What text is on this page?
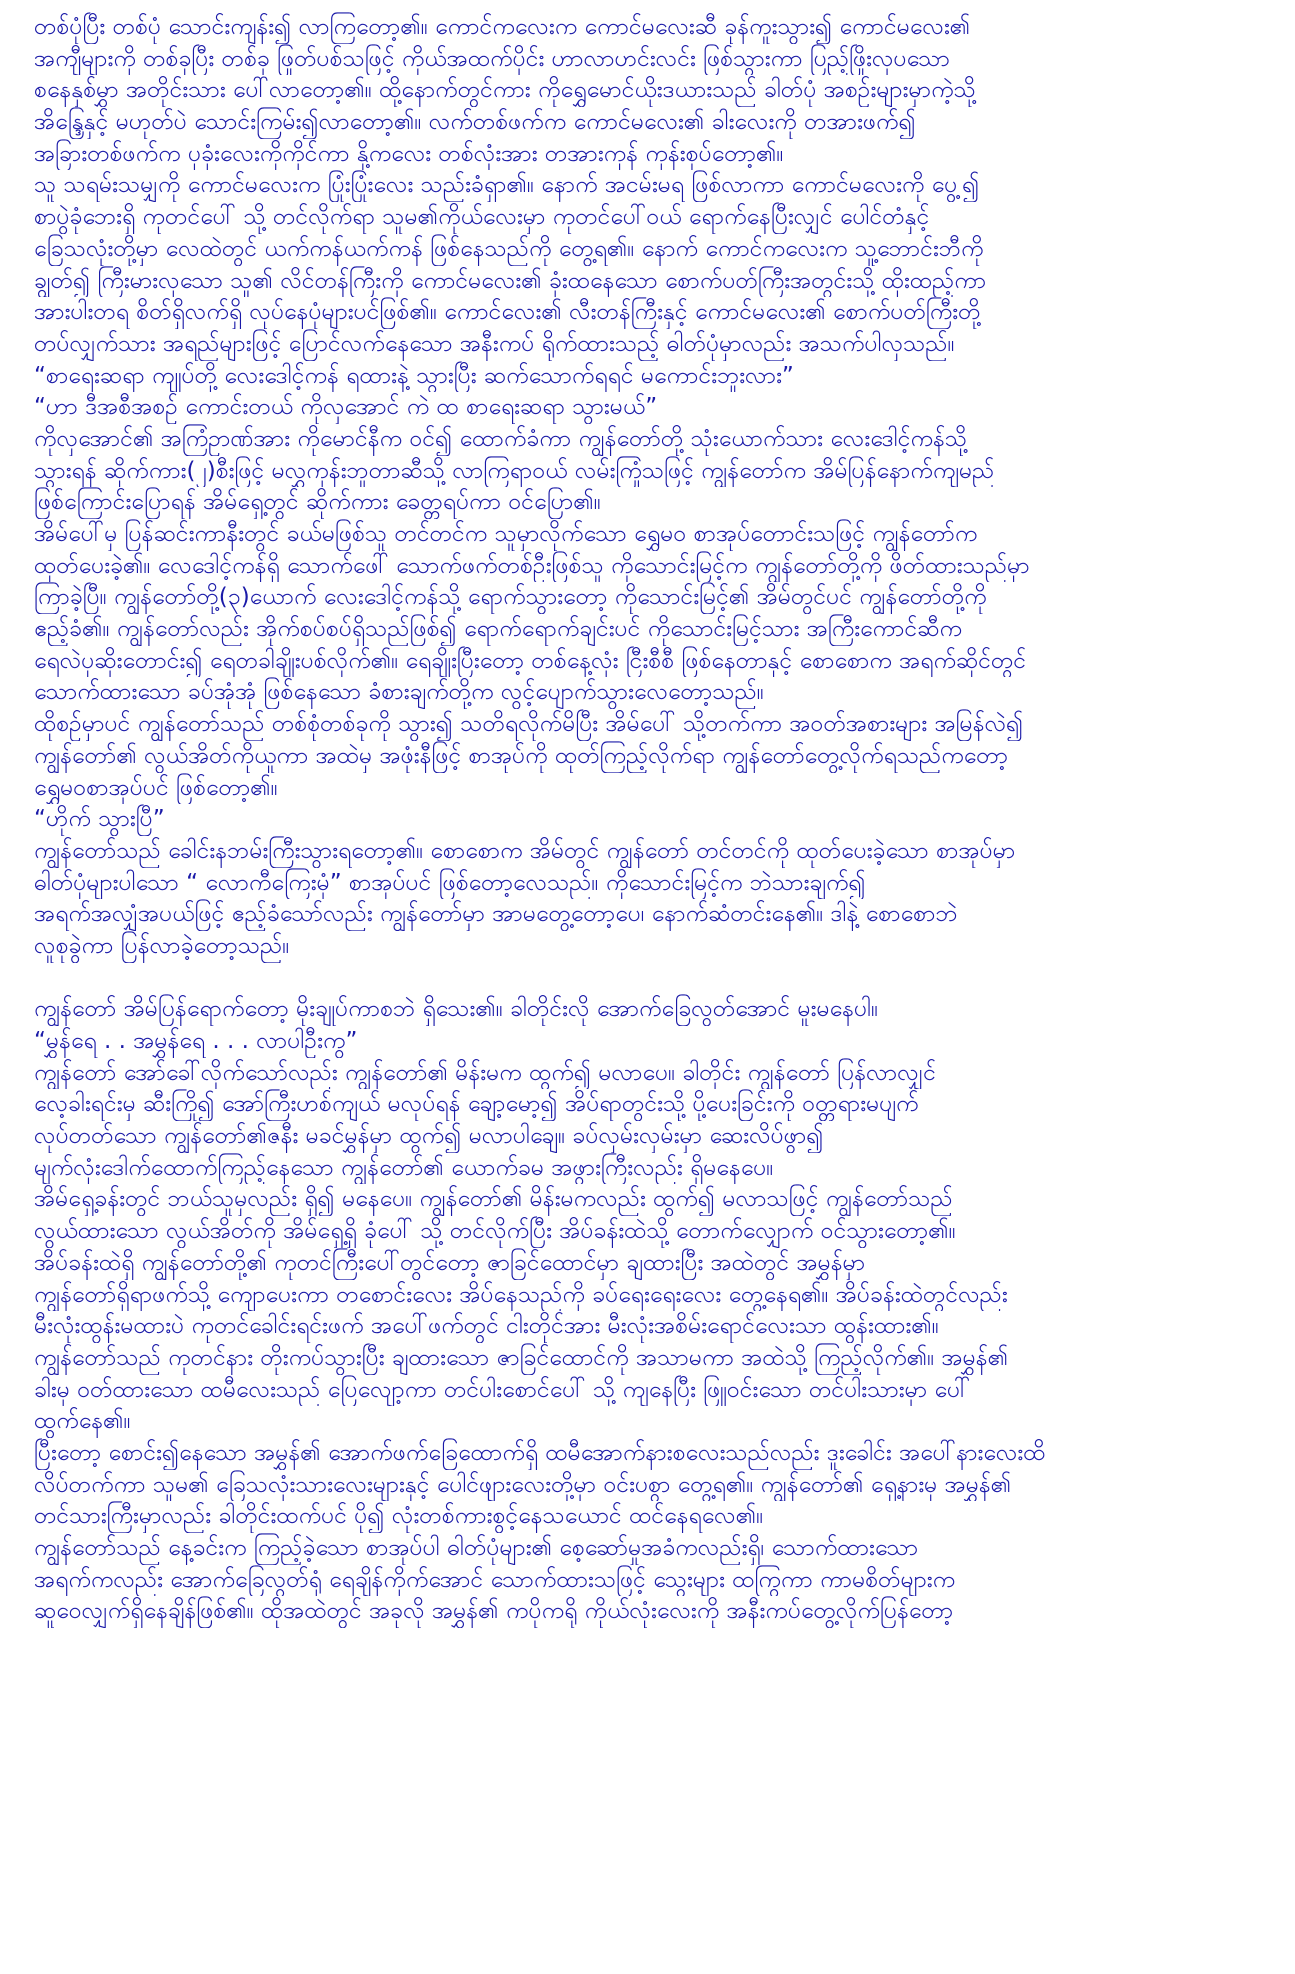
တစ်ပုံပြီး တစ်ပုံ သောင်းကျန်း၍ လာကြတော့၏။ ကောင်ကလေးက ကောင်မလေးဆီ ခုန်ကူးသွား၍ ကောင်မလေး၏
အကျီများကို တစ်ခုပြီး တစ်ခု ဖြုတ်ပစ်သဖြင့် ကိုယ်အထက်ပိုင်း ဟာလာဟင်းလင်း ဖြစ်သွားကာ ပြည့်ဖြိုးလှပသော
စနေနှစ်မွှာ အတိုင်းသား ပေါ်လာတော့၏။ ထို့နောက်တွင်ကား ကိုရွှေမောင်ယိုးဒယားသည် ခါတ်ပုံ အစဉ်းများမှာကဲ့သို့
အိန္ဒြေနှင့် မဟုတ်ပဲ သောင်းကြမ်း၍လာတော့၏။ လက်တစ်ဖက်က ကောင်မလေး၏ ခါးလေးကို တအားဖက်၍
အခြားတစ်ဖက်က ပုခုံးလေးကိုကိုင်ကာ နို့ကလေး တစ်လုံးအား တအားကုန် ကုန်းစုပ်တော့၏။
သူ သရမ်းသမျှကို ကောင်မလေးက ပြုံးပြုံးလေး သည်းခံရှာ၏။ နောက် အငမ်းမရ ဖြစ်လာကာ ကောင်မလေးကို ပွေ့၍
စာပွဲခုံဘေးရှိ ကုတင်ပေါ် သို့ တင်လိုက်ရာ သူမ၏ကိုယ်လေးမှာ ကုတင်ပေါ်ဝယ် ရောက်နေပြီးလျှင် ပေါင်တံနှင့်
ခြေသလုံးတို့မှာ လေထဲတွင် ယက်ကန်ယက်ကန် ဖြစ်နေသည်ကို တွေ့ရ၏။ နောက် ကောင်ကလေးက သူ့ဘောင်းဘီကို
ချွတ်၍ ကြီးမားလှသော သူ၏ လိင်တန်ကြီးကို ကောင်မလေး၏ ခုံးထနေသော စောက်ပတ်ကြီးအတွင်းသို့ ထိုးထည့်ကာ
အားပါးတရ စိတ်ရှိလက်ရှိ လုပ်နေပုံများပင်ဖြစ်၏။ ကောင်လေး၏ လီးတန်ကြီးနှင့် ကောင်မလေး၏ စောက်ပတ်ကြီးတို့
တပ်လျှက်သား အရည်များဖြင့် ပြောင်လက်နေသော အနီးကပ် ရိုက်ထားသည့် ဓါတ်ပုံမှာလည်း အသက်ပါလှသည်။
“စာရေးဆရာ ကျုပ်တို့ လေးဒေါင့်ကန် ရထားနဲ့ သွားပြီး ဆက်သောက်ရရင် မကောင်းဘူးလား”
“ဟာ ဒီအစီအစဉ် ကောင်းတယ် ကိုလှအောင် ကဲ ထ စာရေးဆရာ သွားမယ်”
ကိုလှအောင်၏ အကြံဥာဏ်အား ကိုမောင်နီက ဝင်၍ ထောက်ခံကာ ကျွန်တော်တို့ သုံးယောက်သား လေးဒေါင့်ကန်သို့
သွားရန် ဆိုက်ကား(၂)စီးဖြင့် မလွှကုန်းဘူတာဆီသို့ လာကြရာဝယ် လမ်းကြုံသဖြင့် ကျွန်တော်က အိမ်ပြန်နောက်ကျမည်
ဖြစ်ကြောင်းပြောရန် အိမ်ရှေ့တွင် ဆိုက်ကား ခေတ္တရပ်ကာ ဝင်ပြော၏။
အိမ်ပေါ်မှ ပြန်ဆင်းကာနီးတွင် ခယ်မဖြစ်သူ တင်တင်က သူမှာလိုက်သော ရွှေမဝ စာအုပ်တောင်းသဖြင့် ကျွန်တော်က
ထုတ်ပေးခဲ့၏။ လေဒေါင့်ကန်ရှိ သောက်ဖေါ် သောက်ဖက်တစ်ဦးဖြစ်သူ ကိုသောင်းမြင့်က ကျွန်တော်တို့ကို ဖိတ်ထားသည်မှာ
ကြာခဲ့ပြီ။ ကျွန်တော်တို့(၃)ယောက် လေးဒေါင့်ကန်သို့ ရောက်သွားတော့ ကိုသောင်းမြင့်၏ အိမ်တွင်ပင် ကျွန်တော်တို့ကို
ဧည့်ခံ၏။ ကျွန်တော်လည်း အိုက်စပ်စပ်ရှိသည်ဖြစ်၍ ရောက်ရောက်ချင်းပင် ကိုသောင်းမြင့်သား အကြီးကောင်ဆီက
ရေလဲပုဆိုးတောင်း၍ ရေတခါချိုးပစ်လိုက်၏။ ရေချိုးပြီးတော့ တစ်နေ့လုံး ငြီးစီစီ ဖြစ်နေတာနှင့် စောစောက အရက်ဆိုင်တွင်
သောက်ထားသော ခပ်အုံအုံ ဖြစ်နေသော ခံစားချက်တို့က လွင့်ပျောက်သွားလေတော့သည်။
ထိုစဉ်မှာပင် ကျွန်တော်သည် တစ်စုံတစ်ခုကို သွား၍ သတိရလိုက်မိပြီး အိမ်ပေါ် သို့တက်ကာ အဝတ်အစားများ အမြန်လဲ၍
ကျွန်တော်၏ လွယ်အိတ်ကိုယူကာ အထဲမှ အဖုံးနီဖြင့် စာအုပ်ကို ထုတ်ကြည့်လိုက်ရာ ကျွန်တော်တွေ့လိုက်ရသည်ကတော့
ရွှေမဝစာအုပ်ပင် ဖြစ်တော့၏။
“ဟိုက် သွားပြီ”
ကျွန်တော်သည် ခေါင်းနဘမ်းကြီးသွားရတော့၏။ စောစောက အိမ်တွင် ကျွန်တော် တင်တင်ကို ထုတ်ပေးခဲ့သော စာအုပ်မှာ
ဓါတ်ပုံများပါသော “ လောကီကြေးမုံ” စာအုပ်ပင် ဖြစ်တော့လေသည်။ ကိုသောင်းမြင့်က ဘဲသားချက်၍
အရက်အလျှံအပယ်ဖြင့် ဧည့်ခံသော်လည်း ကျွန်တော်မှာ အာမတွေ့တော့ပေ၊ နောက်ဆံတင်းနေ၏။ ဒါနဲ့ စောစောဘဲ
လူစုခွဲကာ ပြန်လာခဲ့တော့သည်။
ကျွန်တော် အိမ်ပြန်ရောက်တော့ မိုးချုပ်ကာစဘဲ ရှိသေး၏။ ခါတိုင်းလို အောက်ခြေလွတ်အောင် မူးမနေပါ။
“မွှန်ရေ . . အမွှန်ရေ . . . လာပါဦးကွ”
ကျွန်တော် အော်ခေါ်လိုက်သော်လည်း ကျွန်တော်၏ မိန်းမက ထွက်၍ မလာပေ။ ခါတိုင်း ကျွန်တော် ပြန်လာလျှင်
လေ့ခါးရင်းမှ ဆီးကြို၍ အော်ကြီးဟစ်ကျယ် မလုပ်ရန် ချော့မော့၍ အိပ်ရာတွင်းသို့ ပို့ပေးခြင်းကို ဝတ္တရားမပျက်
လုပ်တတ်သော ကျွန်တော်၏ဇနီး မခင်မွှန်မှာ ထွက်၍ မလာပါချေ။ ခပ်လှမ်းလှမ်းမှာ ဆေးလိပ်ဖွာ၍
မျက်လုံးဒေါက်ထောက်ကြည့်နေသော ကျွန်တော်၏ ယောက်ခမ အဖွားကြီးလည်း ရှိမနေပေ။
အိမ်ရှေ့ခန်းတွင် ဘယ်သူမှလည်း ရှိ၍ မနေပေ။ ကျွန်တော်၏ မိန်းမကလည်း ထွက်၍ မလာသဖြင့် ကျွန်တော်သည်
လွယ်ထားသော လွယ်အိတ်ကို အိမ်ရှေ့ရှိ ခုံပေါ် သို့ တင်လိုက်ပြီး အိပ်ခန်းထဲသို့ တောက်လျှောက် ဝင်သွားတော့၏။
အိပ်ခန်းထဲရှိ ကျွန်တော်တို့၏ ကုတင်ကြီးပေါ်တွင်တော့ ဇာခြင်ထောင်မှာ ချထားပြီး အထဲတွင် အမွှန်မှာ
ကျွန်တော်ရှိရာဖက်သို့ ကျောပေးကာ တစောင်းလေး အိပ်နေသည်ကို ခပ်ရေးရေးလေး တွေ့နေရ၏။ အိပ်ခန်းထဲတွင်လည်း
မီးလုံးထွန်းမထားပဲ ကုတင်ခေါင်းရင်းဖက် အပေါ်ဖက်တွင် ငါးတိုင်အား မီးလုံးအစိမ်းရောင်လေးသာ ထွန်းထား၏။
ကျွန်တော်သည် ကုတင်နား တိုးကပ်သွားပြီး ချထားသော ဇာခြင်ထောင်ကို အသာမကာ အထဲသို့ ကြည့်လိုက်၏။ အမွှန်၏
ခါးမှ ဝတ်ထားသော ထမီလေးသည် ပြေလျော့ကာ တင်ပါးစောင်ပေါ် သို့ ကျနေပြီး ဖြူဝင်းသော တင်ပါးသားမှာ ပေါ်
ထွက်နေ၏။
ပြီးတော့ စောင်း၍နေသော အမွှန်၏ အောက်ဖက်ခြေထောက်ရှိ ထမီအောက်နားစလေးသည်လည်း ဒူးခေါင်း အပေါ်နားလေးထိ
လိပ်တက်ကာ သူမ၏ ခြေသလုံးသားလေးများနှင့် ပေါင်ဖျားလေးတို့မှာ ဝင်းပစွာ တွေ့ရ၏။ ကျွန်တော်၏ ရှေ့နားမှ အမွှန်၏
တင်သားကြီးမှာလည်း ခါတိုင်းထက်ပင် ပို၍ လုံးတစ်ကားစွင့်နေသယောင် ထင်နေရလေ၏။
ကျွန်တော်သည် နေ့ခင်းက ကြည့်ခဲ့သော စာအုပ်ပါ ဓါတ်ပုံများ၏ စေ့ဆော်မှုအခံကလည်းရှိ၊ သောက်ထားသော
အရက်ကလည်း အောက်ခြေလွတ်ရုံ ရေချိန်ကိုက်အောင် သောက်ထားသဖြင့် သွေးများ ထကြွကာ ကာမစိတ်များက
ဆူဝေလျှက်ရှိနေချိန်ဖြစ်၏။ ထိုအထဲတွင် အခုလို အမွှန်၏ ကပိုကရို ကိုယ်လုံးလေးကို အနီးကပ်တွေ့လိုက်ပြန်တော့
